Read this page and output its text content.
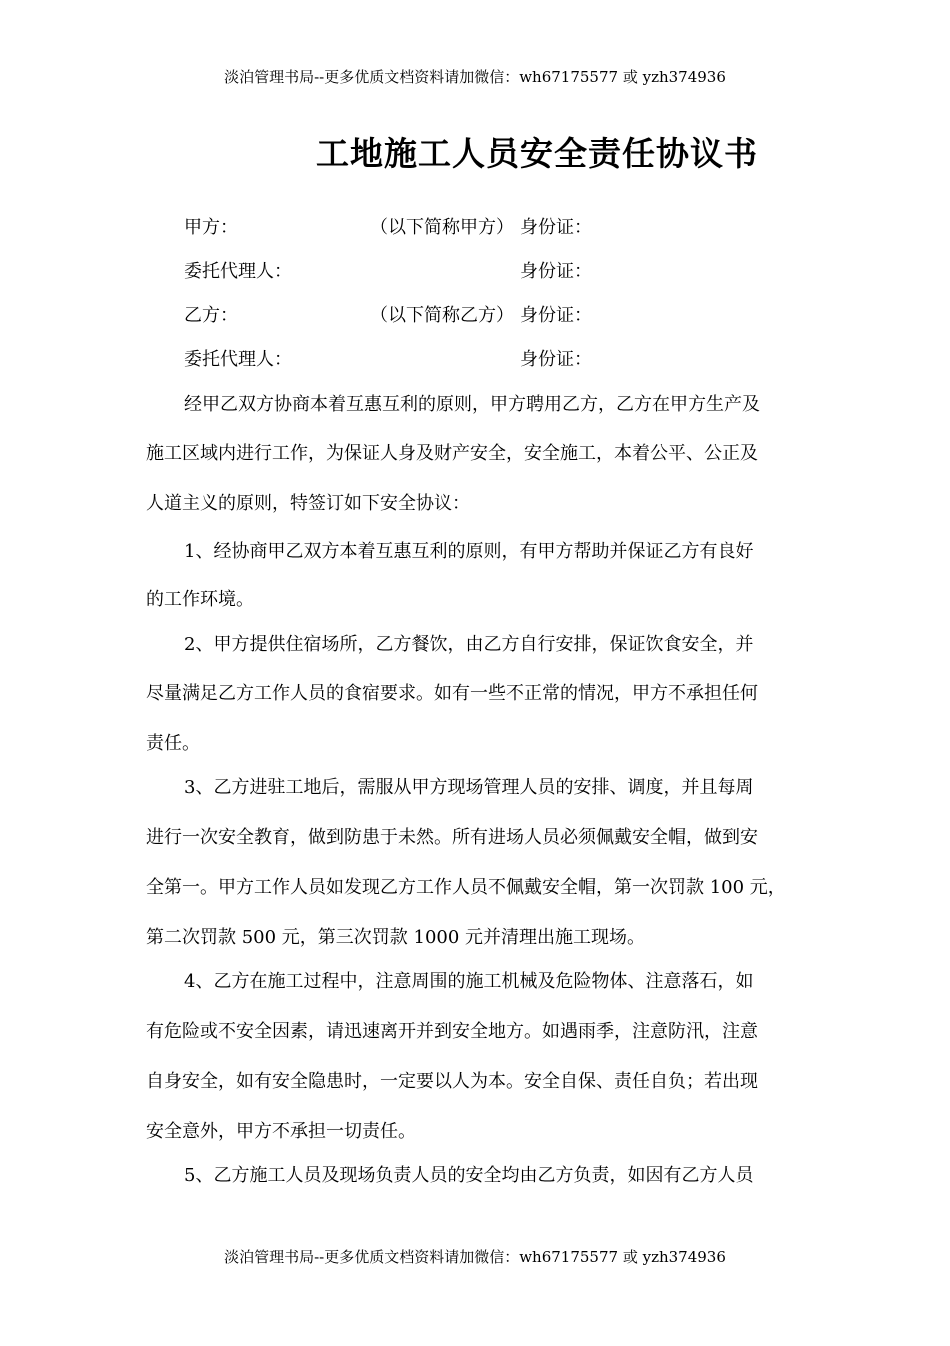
淡泊管理书局--更多优质文档资料请加微信：wh67175577 或 yzh374936
工地施工人员安全责任协议书
甲方：	（以下简称甲方） 身份证：
委托代理人：	身份证：
乙方：	（以下简称乙方） 身份证：
委托代理人：	身份证：
经甲乙双方协商本着互惠互利的原则，甲方聘用乙方，乙方在甲方生产及
施工区域内进行工作，为保证人身及财产安全，安全施工，本着公平、公正及
人道主义的原则，特签订如下安全协议：
1、经协商甲乙双方本着互惠互利的原则，有甲方帮助并保证乙方有良好
的工作环境。
2、甲方提供住宿场所，乙方餐饮，由乙方自行安排，保证饮食安全，并
尽量满足乙方工作人员的食宿要求。如有一些不正常的情况，甲方不承担任何
责任。
3、乙方进驻工地后，需服从甲方现场管理人员的安排、调度，并且每周
进行一次安全教育，做到防患于未然。所有进场人员必须佩戴安全帽，做到安
全第一。甲方工作人员如发现乙方工作人员不佩戴安全帽，第一次罚款 100 元，
第二次罚款 500 元，第三次罚款 1000 元并清理出施工现场。
4、乙方在施工过程中，注意周围的施工机械及危险物体、注意落石，如
有危险或不安全因素，请迅速离开并到安全地方。如遇雨季，注意防汛，注意
自身安全，如有安全隐患时，一定要以人为本。安全自保、责任自负；若出现
安全意外，甲方不承担一切责任。
5、乙方施工人员及现场负责人员的安全均由乙方负责，如因有乙方人员
淡泊管理书局--更多优质文档资料请加微信：wh67175577 或 yzh374936
